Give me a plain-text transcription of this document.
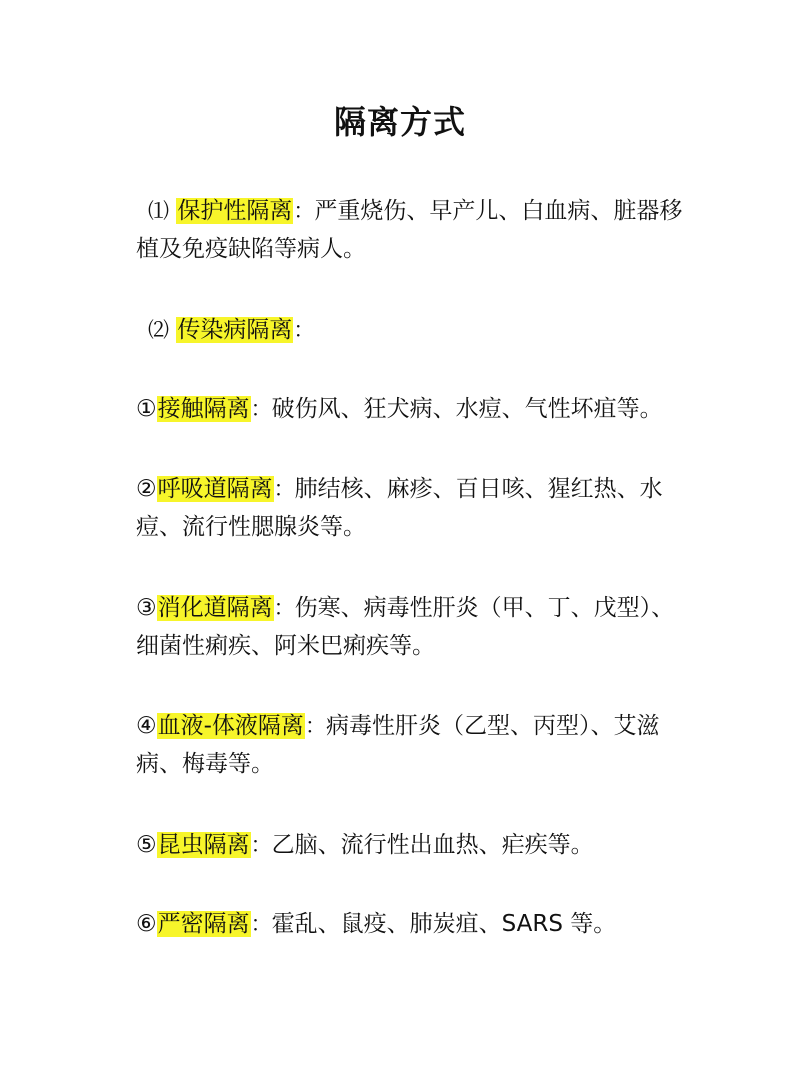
隔离方式

⑴ 保护性隔离：严重烧伤、早产儿、白血病、脏器移植及免疫缺陷等病人。

⑵ 传染病隔离：

①接触隔离：破伤风、狂犬病、水痘、气性坏疽等。

②呼吸道隔离：肺结核、麻疹、百日咳、猩红热、水痘、流行性腮腺炎等。

③消化道隔离：伤寒、病毒性肝炎（甲、丁、戊型）、细菌性痢疾、阿米巴痢疾等。

④血液-体液隔离：病毒性肝炎（乙型、丙型）、艾滋病、梅毒等。

⑤昆虫隔离：乙脑、流行性出血热、疟疾等。

⑥严密隔离：霍乱、鼠疫、肺炭疽、SARS 等。
